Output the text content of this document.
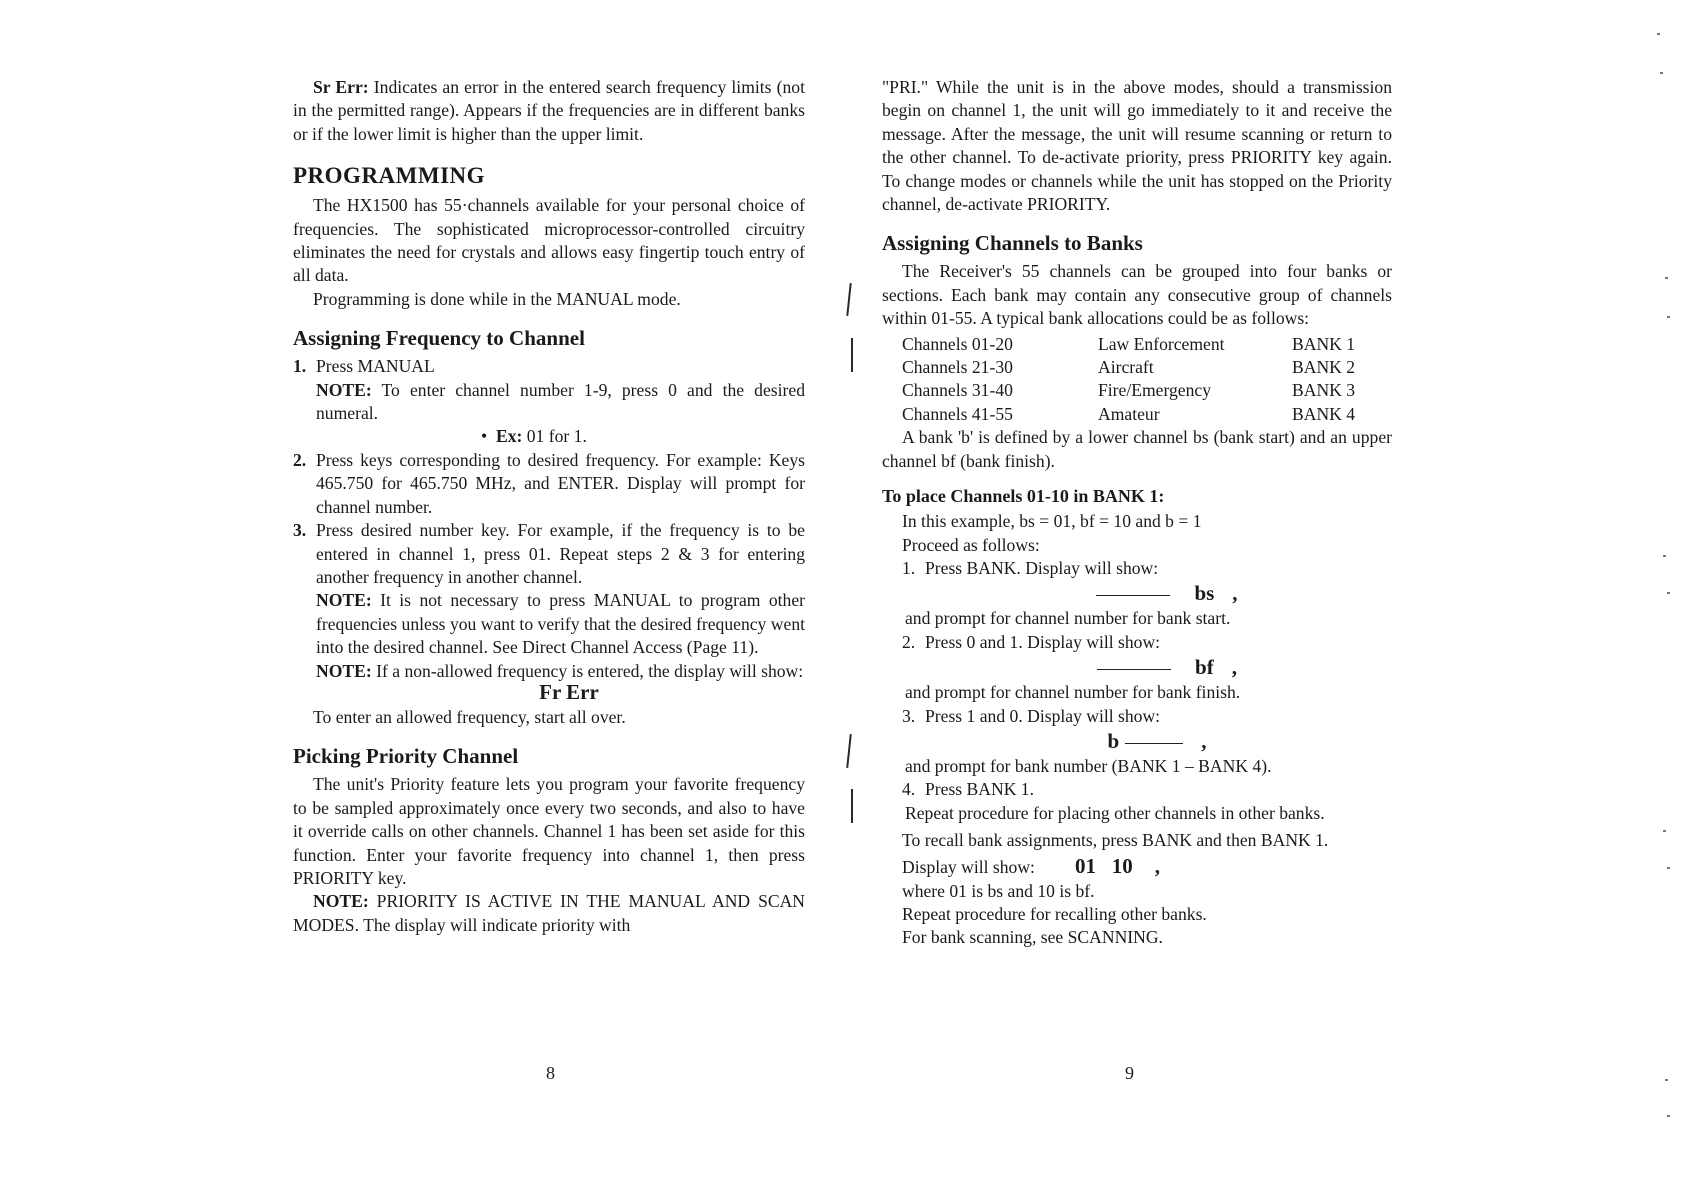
Sr Err: Indicates an error in the entered search frequency limits (not in the permitted range). Appears if the frequencies are in different banks or if the lower limit is higher than the upper limit.

PROGRAMMING

The HX1500 has 55·channels available for your personal choice of frequencies. The sophisticated microprocessor-controlled circuitry eliminates the need for crystals and allows easy fingertip touch entry of all data.

Programming is done while in the MANUAL mode.

Assigning Frequency to Channel
1. Press MANUAL

NOTE: To enter channel number 1-9, press 0 and the desired numeral.

• Ex: 01 for 1.

2. Press keys corresponding to desired frequency. For example: Keys 465.750 for 465.750 MHz, and ENTER. Display will prompt for channel number.
3. Press desired number key. For example, if the frequency is to be entered in channel 1, press 01. Repeat steps 2 & 3 for entering another frequency in another channel.

NOTE: It is not necessary to press MANUAL to program other frequencies unless you want to verify that the desired frequency went into the desired channel. See Direct Channel Access (Page 11).

NOTE: If a non-allowed frequency is entered, the display will show:

Fr Err

To enter an allowed frequency, start all over.

Picking Priority Channel

The unit's Priority feature lets you program your favorite frequency to be sampled approximately once every two seconds, and also to have it override calls on other channels. Channel 1 has been set aside for this function. Enter your favorite frequency into channel 1, then press PRIORITY key.

NOTE: PRIORITY IS ACTIVE IN THE MANUAL AND SCAN MODES. The display will indicate priority with

8

"PRI." While the unit is in the above modes, should a transmission begin on channel 1, the unit will go immediately to it and receive the message. After the message, the unit will resume scanning or return to the other channel. To de-activate priority, press PRIORITY key again. To change modes or channels while the unit has stopped on the Priority channel, de-activate PRIORITY.

Assigning Channels to Banks

The Receiver's 55 channels can be grouped into four banks or sections. Each bank may contain any consecutive group of channels within 01-55. A typical bank allocations could be as follows:

Channels 01-20	Law Enforcement	BANK 1
Channels 21-30	Aircraft	BANK 2
Channels 31-40	Fire/Emergency	BANK 3
Channels 41-55	Amateur	BANK 4

A bank 'b' is defined by a lower channel bs (bank start) and an upper channel bf (bank finish).

To place Channels 01-10 in BANK 1:

In this example, bs = 01, bf = 10 and b = 1

Proceed as follows:

1. Press BANK. Display will show:

bs ,

and prompt for channel number for bank start.

2. Press 0 and 1. Display will show:

bf ,

and prompt for channel number for bank finish.

3. Press 1 and 0. Display will show:

b	,

and prompt for bank number (BANK 1 – BANK 4).

4. Press BANK 1.

Repeat procedure for placing other channels in other banks.

To recall bank assignments, press BANK and then BANK 1.

Display will show: 01   10 ,

where 01 is bs and 10 is bf.

Repeat procedure for recalling other banks.

For bank scanning, see SCANNING.

9
